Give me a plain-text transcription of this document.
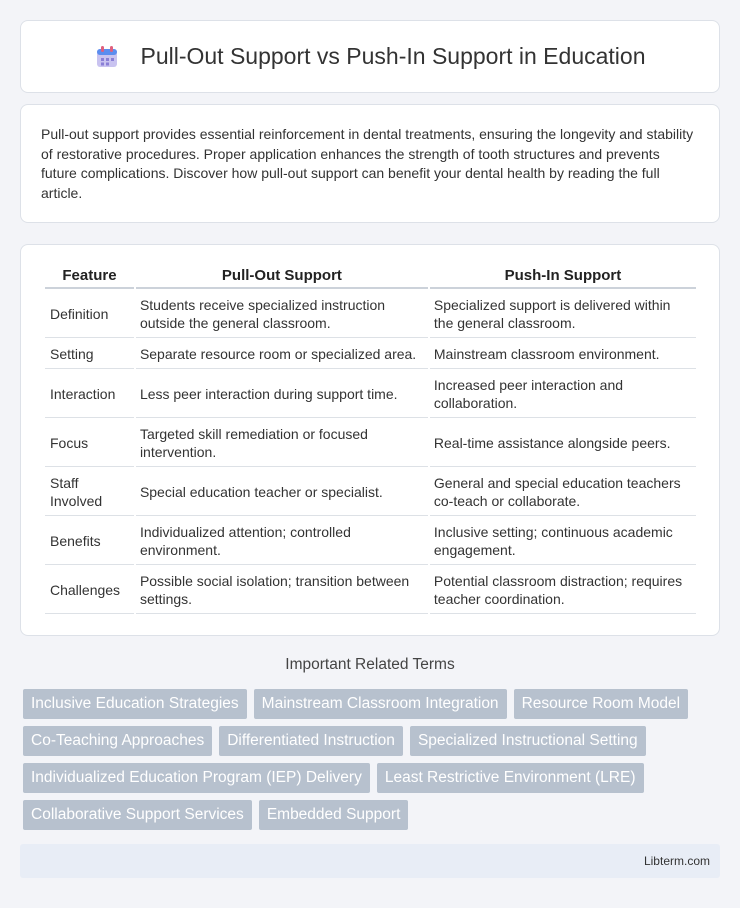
Pull-Out Support vs Push-In Support in Education

Pull-out support provides essential reinforcement in dental treatments, ensuring the longevity and stability of restorative procedures. Proper application enhances the strength of tooth structures and prevents future complications. Discover how pull-out support can benefit your dental health by reading the full article.

Feature	Pull-Out Support	Push-In Support
Definition	Students receive specialized instruction outside the general classroom.	Specialized support is delivered within the general classroom.
Setting	Separate resource room or specialized area.	Mainstream classroom environment.
Interaction	Less peer interaction during support time.	Increased peer interaction and collaboration.
Focus	Targeted skill remediation or focused intervention.	Real-time assistance alongside peers.
Staff Involved	Special education teacher or specialist.	General and special education teachers co-teach or collaborate.
Benefits	Individualized attention; controlled environment.	Inclusive setting; continuous academic engagement.
Challenges	Possible social isolation; transition between settings.	Potential classroom distraction; requires teacher coordination.
Important Related Terms
Inclusive Education Strategies	Mainstream Classroom Integration	Resource Room Model
Co-Teaching Approaches	Differentiated Instruction	Specialized Instructional Setting
Individualized Education Program (IEP) Delivery	Least Restrictive Environment (LRE)
Collaborative Support Services	Embedded Support
Libterm.com
